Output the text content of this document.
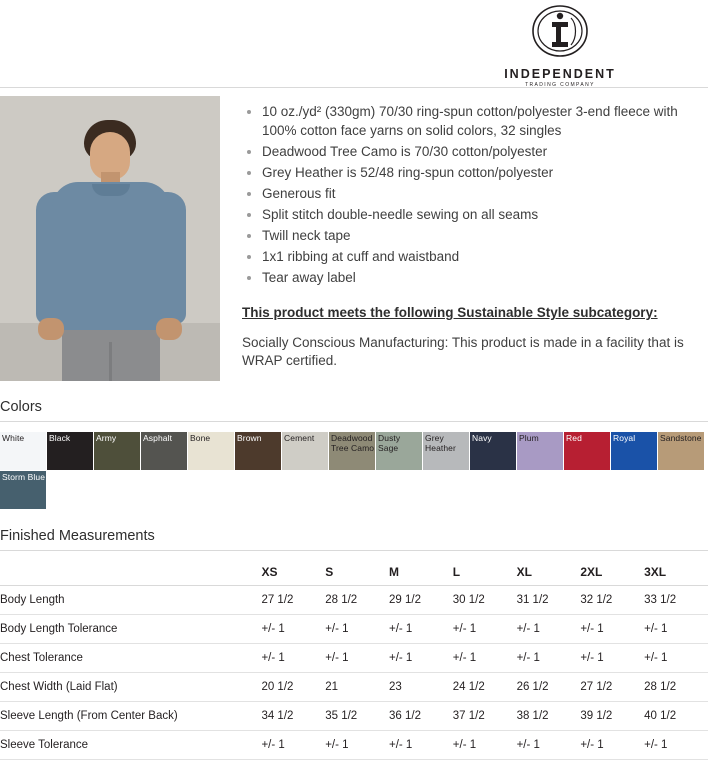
INDEPENDENT
TRADING COMPANY
10 oz./yd² (330gm) 70/30 ring-spun cotton/polyester 3-end fleece with 100% cotton face yarns on solid colors, 32 singles
Deadwood Tree Camo is 70/30 cotton/polyester
Grey Heather is 52/48 ring-spun cotton/polyester
Generous fit
Split stitch double-needle sewing on all seams
Twill neck tape
1x1 ribbing at cuff and waistband
Tear away label
This product meets the following Sustainable Style subcategory:
Socially Conscious Manufacturing: This product is made in a facility that is WRAP certified.
Colors
White	Black	Army	Asphalt Bone	Brown	Cement Deadwood Tree Camo
Dusty Sage
Grey Heather
Navy	Plum	Red	Royal	Sandstone
Storm Blue
Finished Measurements
	XS	S	M	L	XL	2XL	3XL
Body Length	27 1/2	28 1/2	29 1/2	30 1/2	31 1/2	32 1/2	33 1/2
Body Length Tolerance	+/- 1	+/- 1	+/- 1	+/- 1	+/- 1	+/- 1	+/- 1
Chest Tolerance	+/- 1	+/- 1	+/- 1	+/- 1	+/- 1	+/- 1	+/- 1
Chest Width (Laid Flat)	20 1/2	21	23	24 1/2	26 1/2	27 1/2	28 1/2
Sleeve Length (From Center Back)	34 1/2	35 1/2	36 1/2	37 1/2	38 1/2	39 1/2	40 1/2
Sleeve Tolerance	+/- 1	+/- 1	+/- 1	+/- 1	+/- 1	+/- 1	+/- 1
